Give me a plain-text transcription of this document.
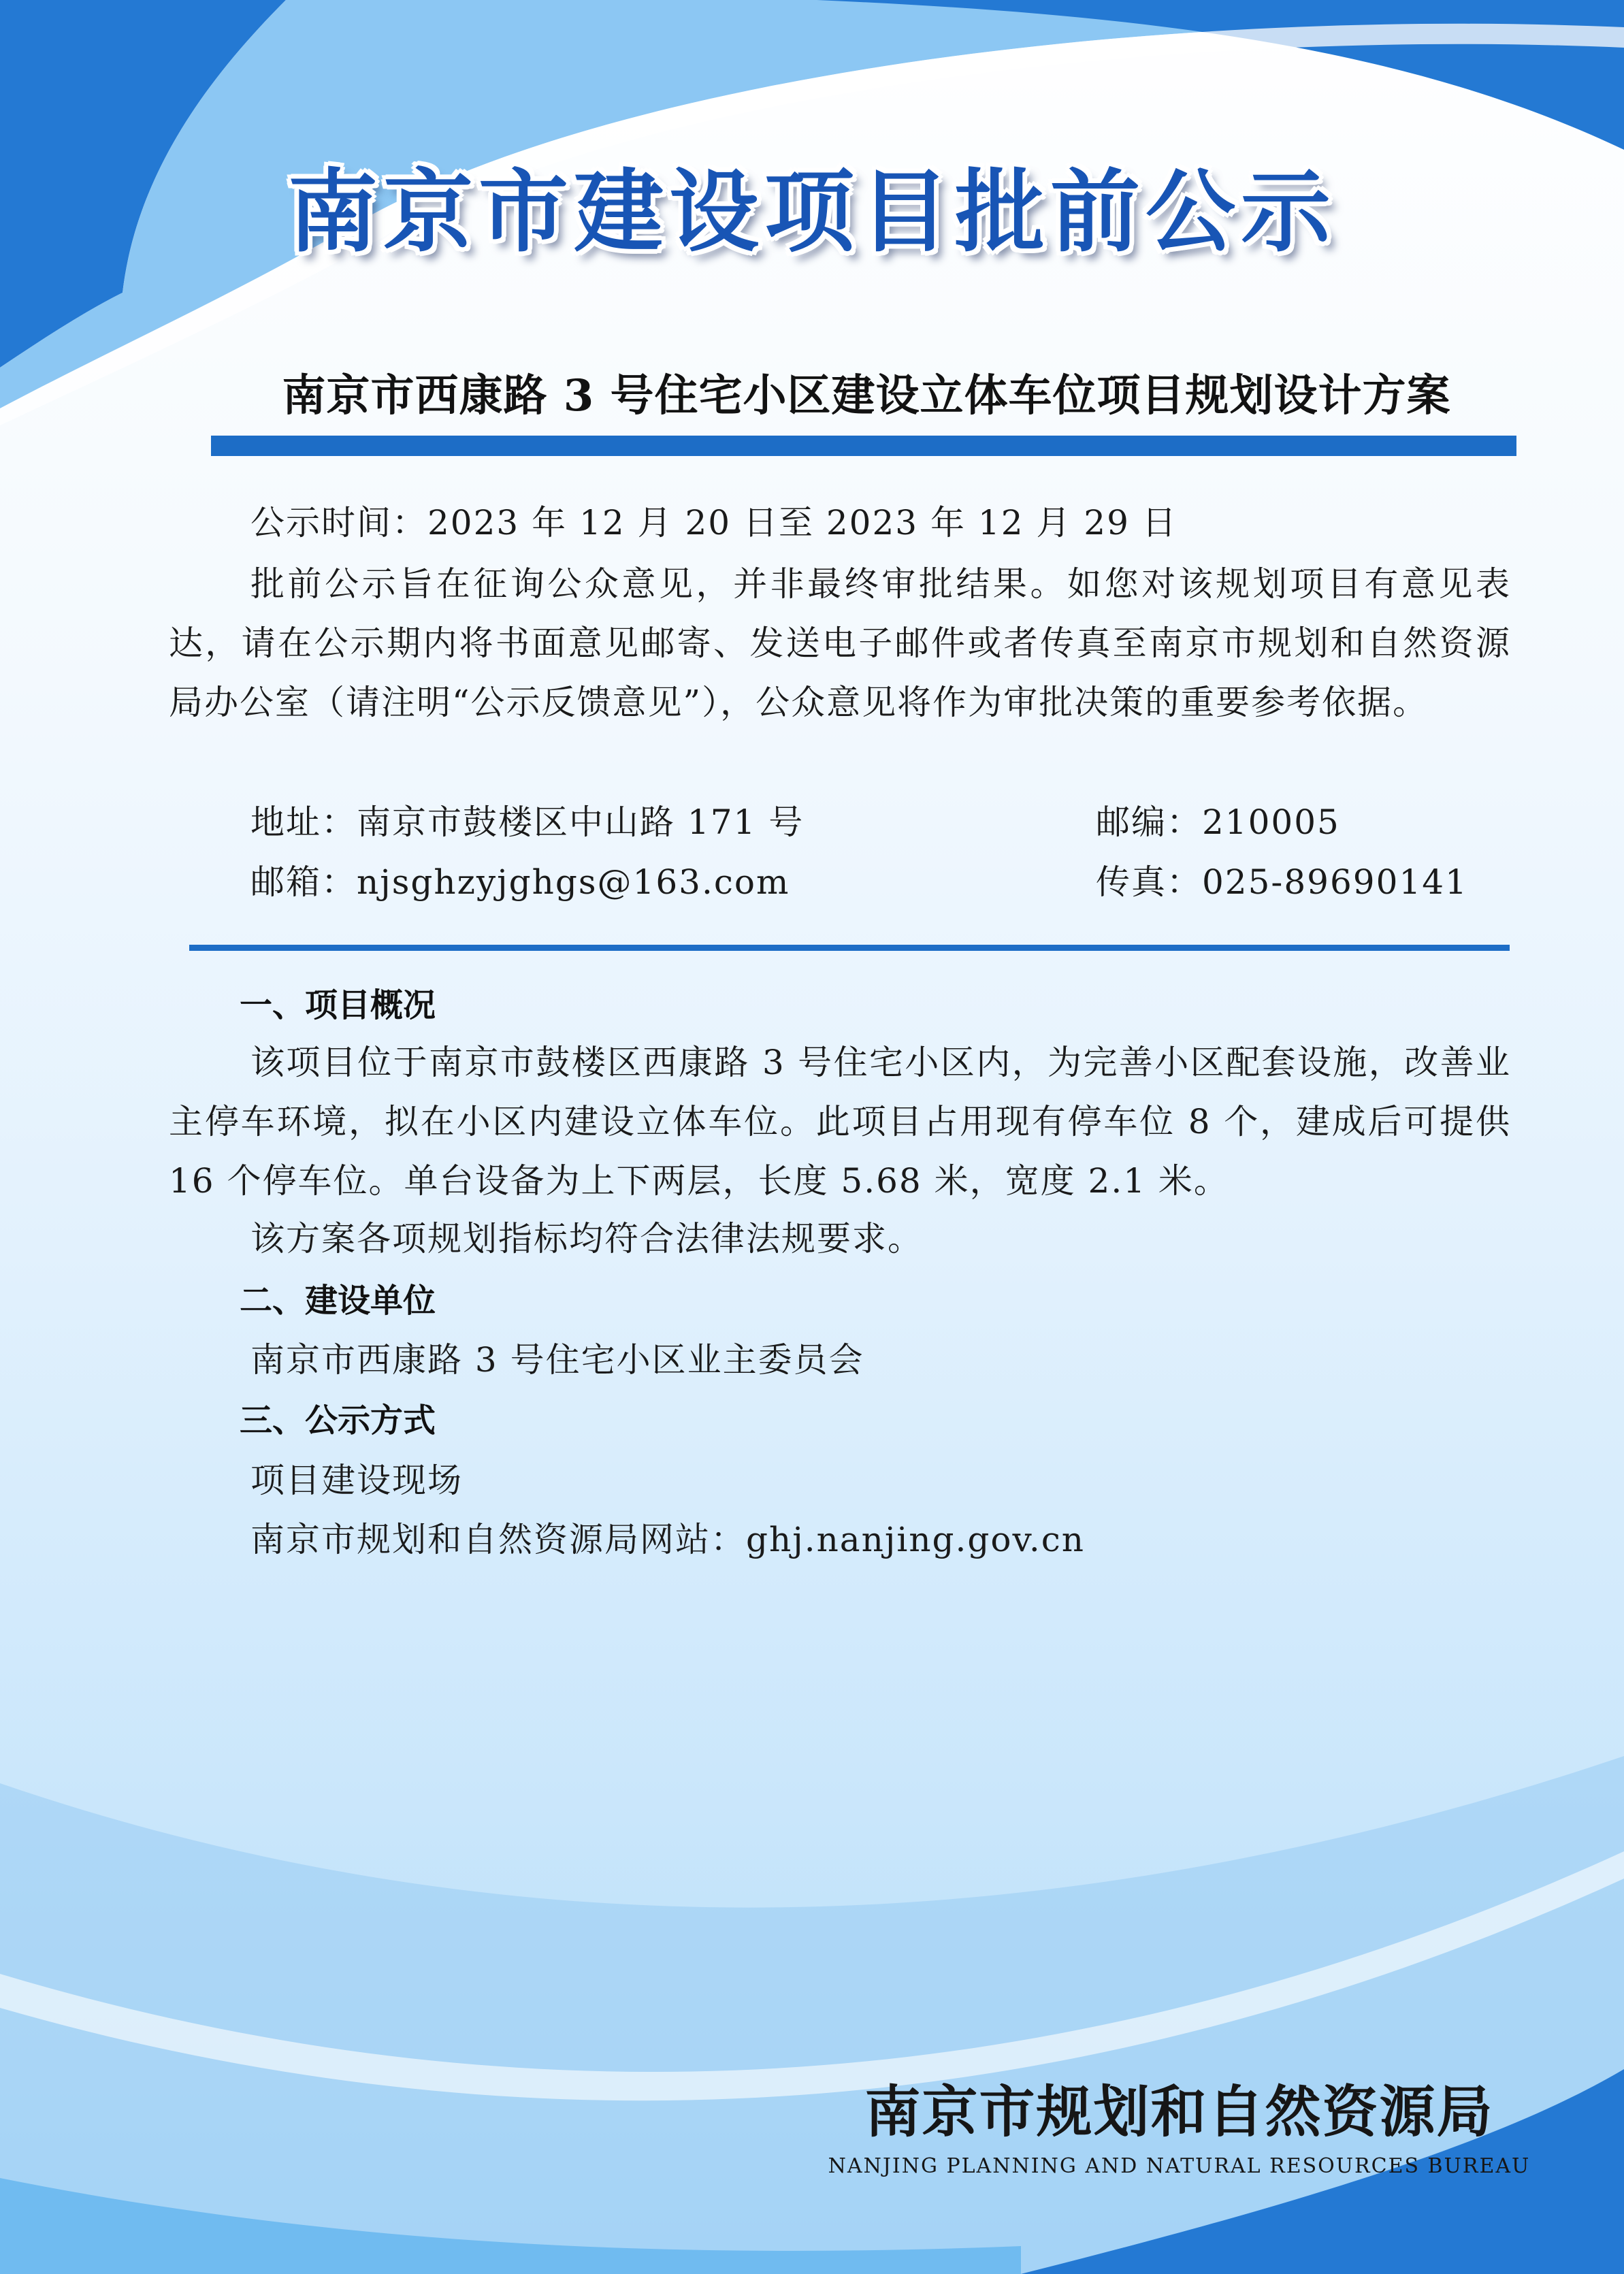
南京市建设项目批前公示
南京市西康路 3 号住宅小区建设立体车位项目规划设计方案

公示时间：2023 年 12 月 20 日至 2023 年 12 月 29 日

批前公示旨在征询公众意见，并非最终审批结果。如您对该规划项目有意见表达，请在公示期内将书面意见邮寄、发送电子邮件或者传真至南京市规划和自然资源局办公室（请注明“公示反馈意见”），公众意见将作为审批决策的重要参考依据。

地址：南京市鼓楼区中山路 171 号	邮编：210005

邮箱：njsghzyjghgs@163.com	传真：025-89690141

一、项目概况

该项目位于南京市鼓楼区西康路 3 号住宅小区内，为完善小区配套设施，改善业主停车环境，拟在小区内建设立体车位。此项目占用现有停车位 8 个，建成后可提供 16 个停车位。单台设备为上下两层，长度 5.68 米，宽度 2.1 米。

该方案各项规划指标均符合法律法规要求。

二、建设单位

南京市西康路 3 号住宅小区业主委员会

三、公示方式

项目建设现场

南京市规划和自然资源局网站：ghj.nanjing.gov.cn

南京市规划和自然资源局

NANJING PLANNING AND NATURAL RESOURCES BUREAU
